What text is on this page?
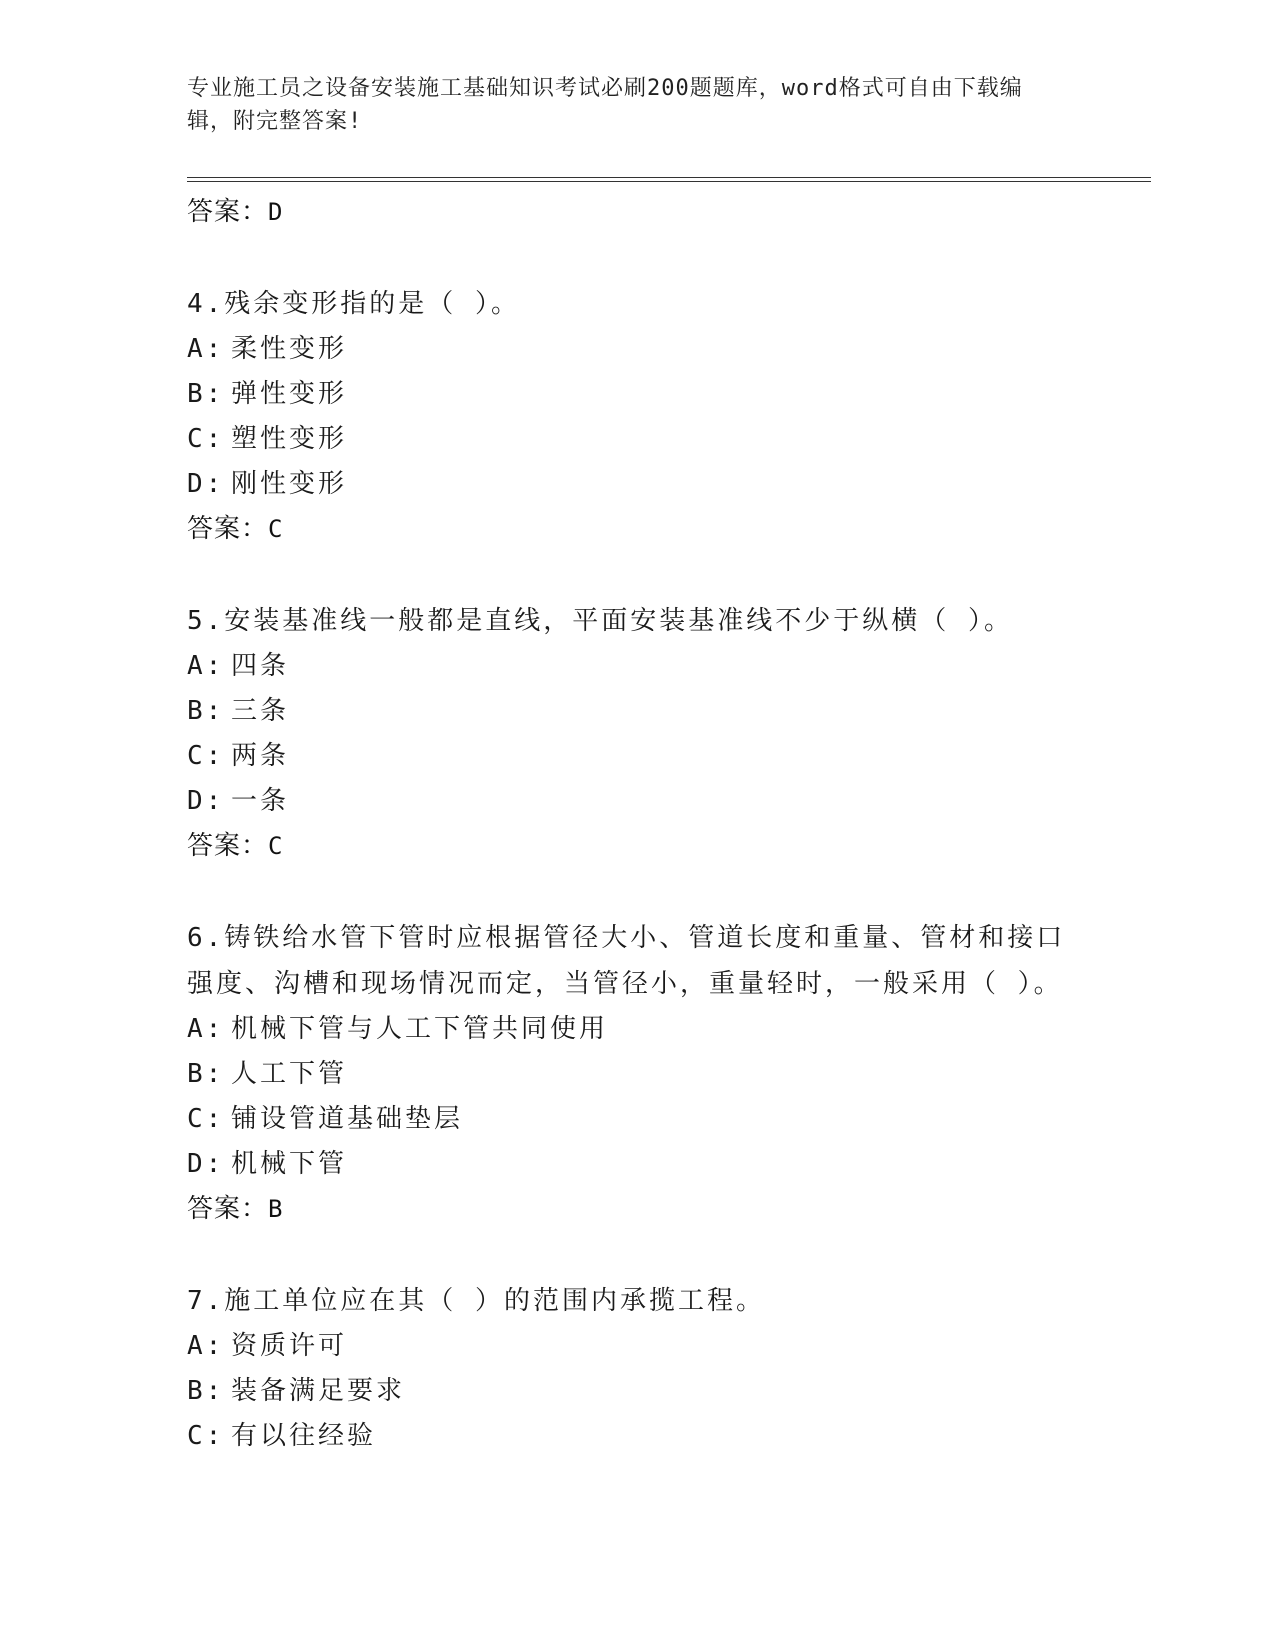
专业施工员之设备安装施工基础知识考试必刷200题题库，word格式可自由下载编辑，附完整答案!
答案：D
4.残余变形指的是（ ）。
A: 柔性变形
B: 弹性变形
C: 塑性变形
D: 刚性变形
答案：C
5.安装基准线一般都是直线，平面安装基准线不少于纵横（ ）。
A: 四条
B: 三条
C: 两条
D: 一条
答案：C
6.铸铁给水管下管时应根据管径大小、管道长度和重量、管材和接口强度、沟槽和现场情况而定，当管径小，重量轻时，一般采用（ ）。
A: 机械下管与人工下管共同使用
B: 人工下管
C: 铺设管道基础垫层
D: 机械下管
答案：B
7.施工单位应在其（ ）的范围内承揽工程。
A: 资质许可
B: 装备满足要求
C: 有以往经验
